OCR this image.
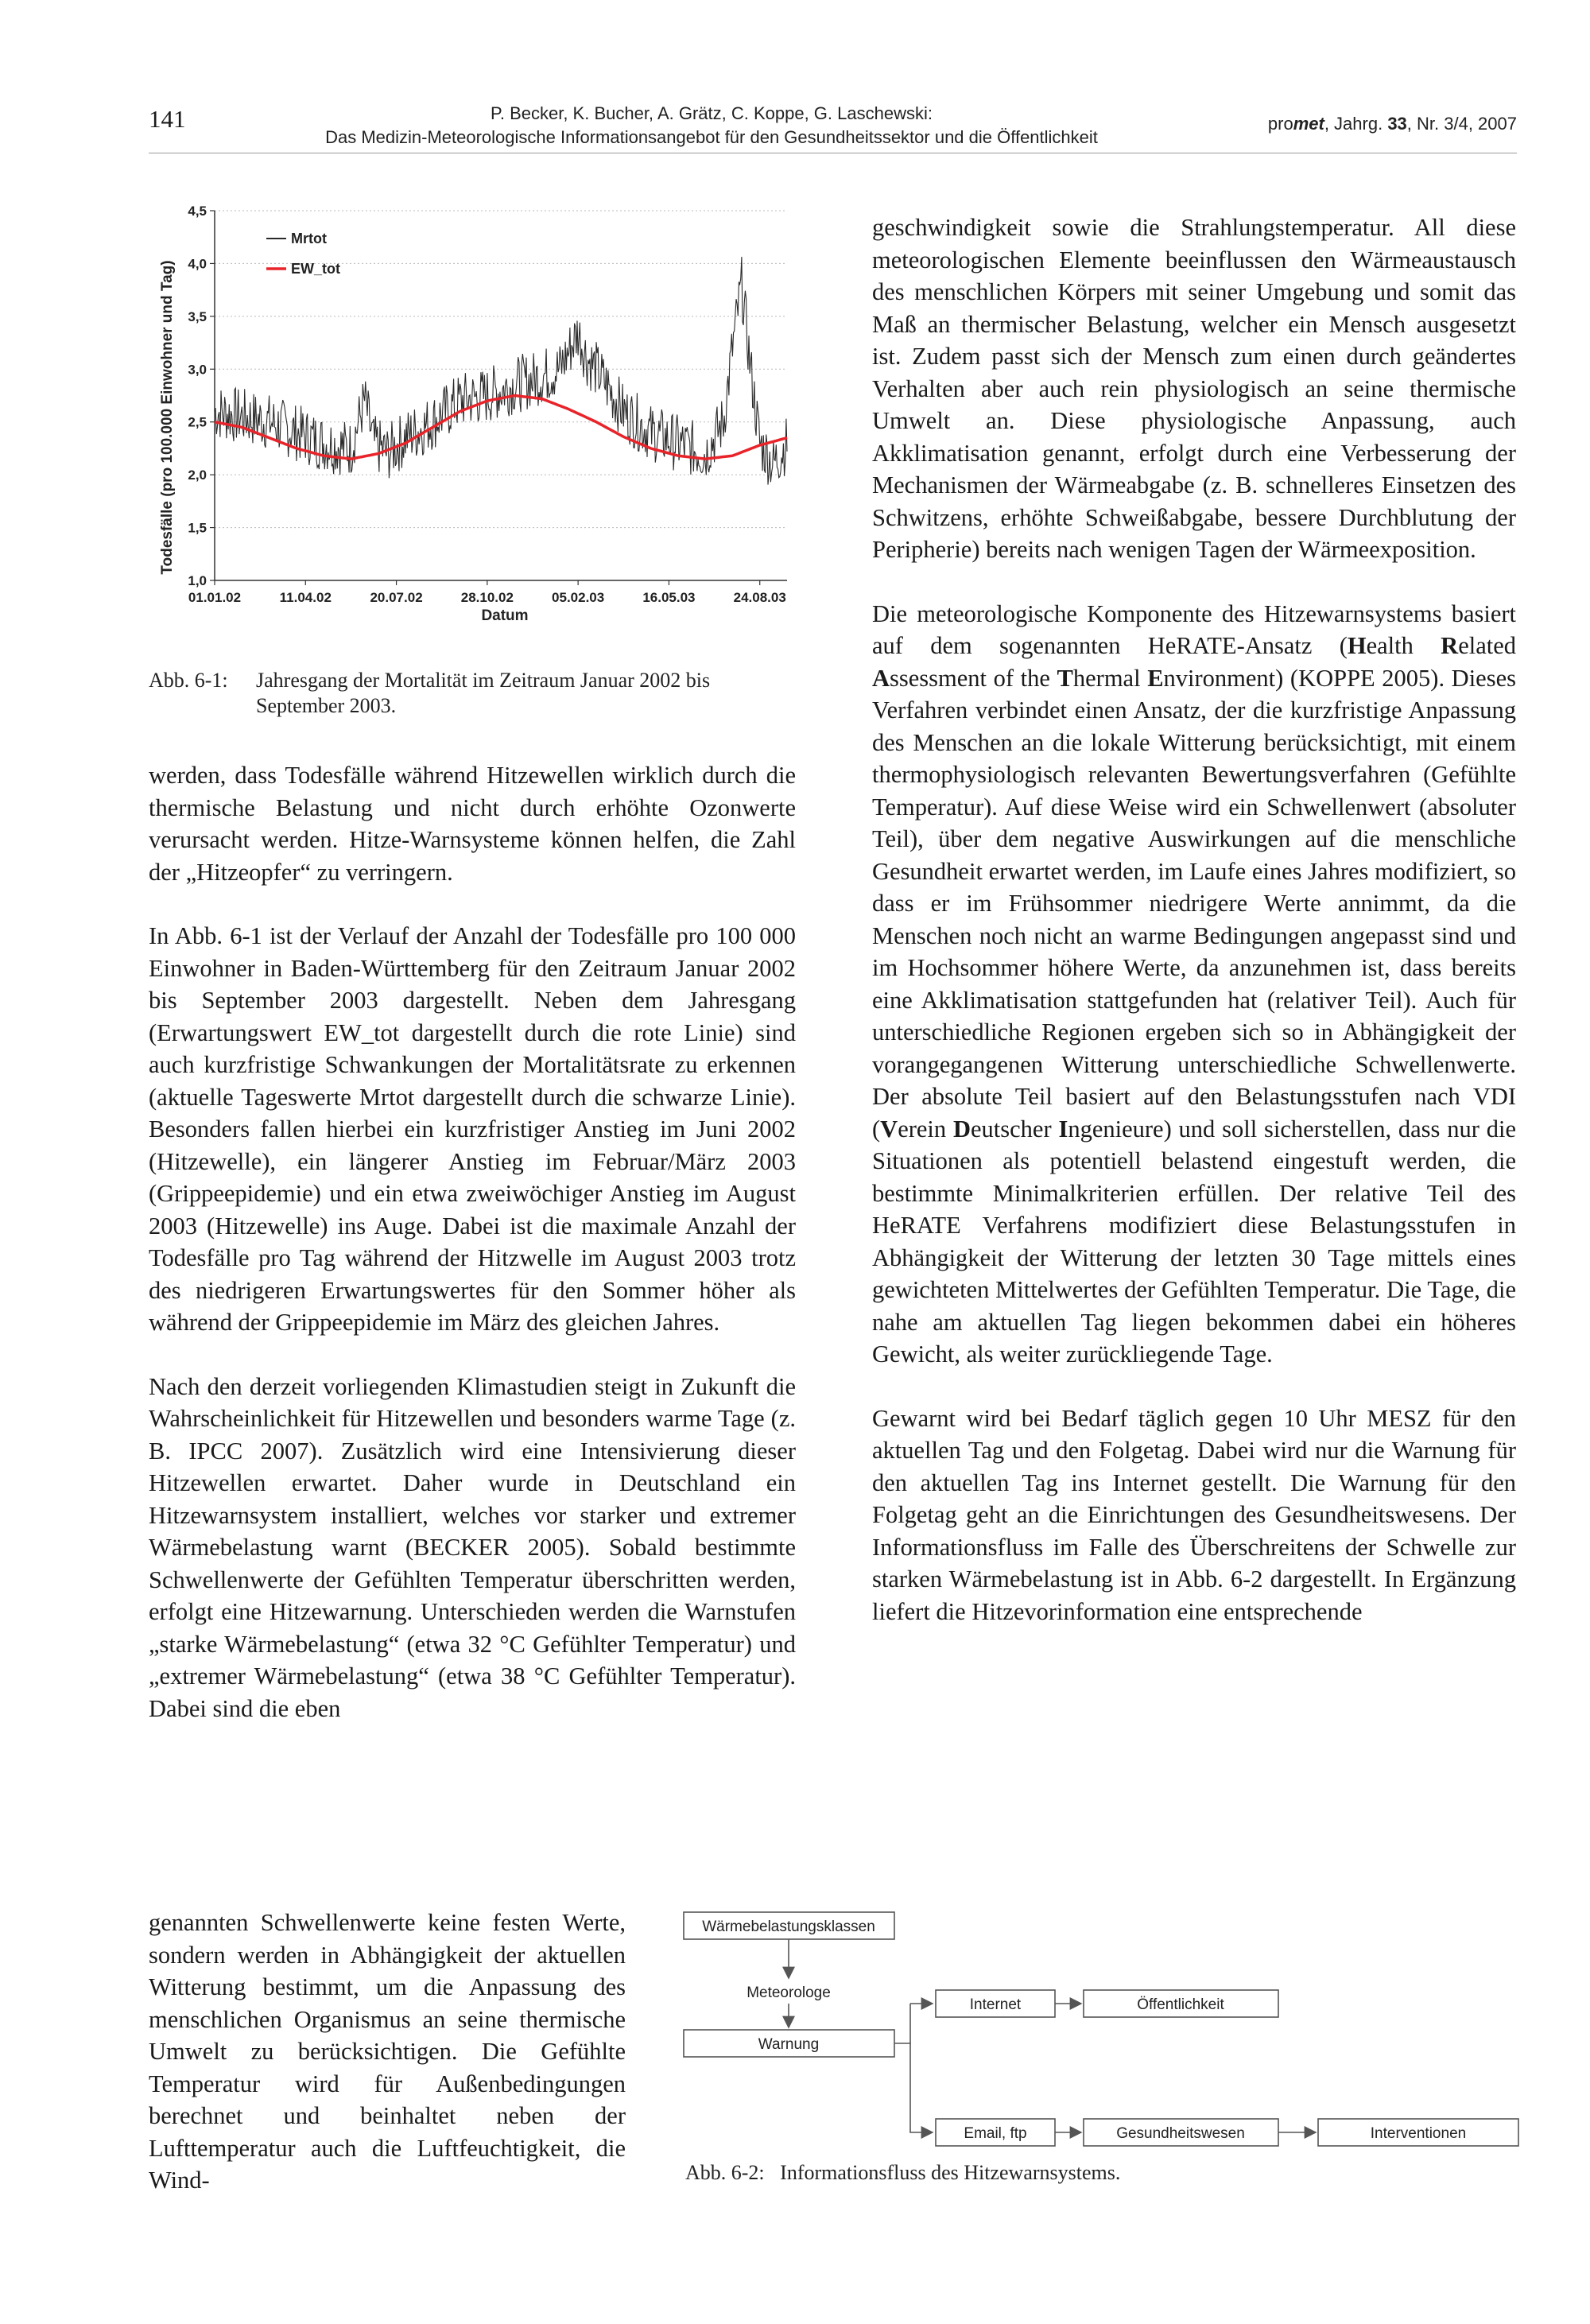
141	P. Becker, K. Bucher, A. Grätz, C. Koppe, G. Laschewski:
Das Medizin-Meteorologische Informationsangebot für den Gesundheitssektor und die Öffentlichkeit
promet, Jahrg. 33, Nr. 3/4, 2007
1,0
1,5
2,0
2,5
3,0
3,5
4,0
4,5
01.01.02	11.04.02	20.07.02	28.10.02	05.02.03	16.05.03	24.08.03
Mrtot
EW_tot
Datum
Todesfälle (pro 100.000 Einwohner und Tag)
Abb. 6-1: Jahresgang der Mortalität im Zeitraum Januar 2002 bis September 2003.

werden, dass Todesfälle während Hitzewellen wirklich durch die thermische Belastung und nicht durch erhöhte Ozonwerte verursacht werden. Hitze-Warnsysteme können helfen, die Zahl der „Hitzeopfer“ zu verringern.

In Abb. 6-1 ist der Verlauf der Anzahl der Todesfälle pro 100 000 Einwohner in Baden-Württemberg für den Zeitraum Januar 2002 bis September 2003 dargestellt. Neben dem Jahresgang (Erwartungswert EW_tot dargestellt durch die rote Linie) sind auch kurzfristige Schwankungen der Mortalitätsrate zu erkennen (aktuelle Tageswerte Mrtot dargestellt durch die schwarze Linie). Besonders fallen hierbei ein kurzfristiger Anstieg im Juni 2002 (Hitzewelle), ein längerer Anstieg im Februar/März 2003 (Grippeepidemie) und ein etwa zweiwöchiger Anstieg im August 2003 (Hitzewelle) ins Auge. Dabei ist die maximale Anzahl der Todesfälle pro Tag während der Hitzwelle im August 2003 trotz des niedrigeren Erwartungswertes für den Sommer höher als während der Grippeepidemie im März des gleichen Jahres.

Nach den derzeit vorliegenden Klimastudien steigt in Zukunft die Wahrscheinlichkeit für Hitzewellen und besonders warme Tage (z. B. IPCC 2007). Zusätzlich wird eine Intensivierung dieser Hitzewellen erwartet. Daher wurde in Deutschland ein Hitzewarnsystem installiert, welches vor starker und extremer Wärmebelastung warnt (BECKER 2005). Sobald bestimmte Schwellenwerte der Gefühlten Temperatur überschritten werden, erfolgt eine Hitzewarnung. Unterschieden werden die Warnstufen „starke Wärmebelastung“ (etwa 32 °C Gefühlter Temperatur) und „extremer Wärmebelastung“ (etwa 38 °C Gefühlter Temperatur). Dabei sind die eben

genannten Schwellenwerte keine festen Werte, sondern werden in Abhängigkeit der aktuellen Witterung bestimmt, um die Anpassung des menschlichen Organismus an seine thermische Umwelt zu berücksichtigen. Die Gefühlte Temperatur wird für Außenbedingungen berechnet und beinhaltet neben der Lufttemperatur auch die Luftfeuchtigkeit, die Wind-

geschwindigkeit sowie die Strahlungstemperatur. All diese meteorologischen Elemente beeinflussen den Wärmeaustausch des menschlichen Körpers mit seiner Umgebung und somit das Maß an thermischer Belastung, welcher ein Mensch ausgesetzt ist. Zudem passt sich der Mensch zum einen durch geändertes Verhalten aber auch rein physiologisch an seine thermische Umwelt an. Diese physiologische Anpassung, auch Akklimatisation genannt, erfolgt durch eine Verbesserung der Mechanismen der Wärmeabgabe (z. B. schnelleres Einsetzen des Schwitzens, erhöhte Schweißabgabe, bessere Durchblutung der Peripherie) bereits nach wenigen Tagen der Wärmeexposition.

Die meteorologische Komponente des Hitzewarnsystems basiert auf dem sogenannten HeRATE-Ansatz (Health Related Assessment of the Thermal Environment) (KOPPE 2005). Dieses Verfahren verbindet einen Ansatz, der die kurzfristige Anpassung des Menschen an die lokale Witterung berücksichtigt, mit einem thermophysiologisch relevanten Bewertungsverfahren (Gefühlte Temperatur). Auf diese Weise wird ein Schwellenwert (absoluter Teil), über dem negative Auswirkungen auf die menschliche Gesundheit erwartet werden, im Laufe eines Jahres modifiziert, so dass er im Frühsommer niedrigere Werte annimmt, da die Menschen noch nicht an warme Bedingungen angepasst sind und im Hochsommer höhere Werte, da anzunehmen ist, dass bereits eine Akklimatisation stattgefunden hat (relativer Teil). Auch für unterschiedliche Regionen ergeben sich so in Abhängigkeit der vorangegangenen Witterung unterschiedliche Schwellenwerte. Der absolute Teil basiert auf den Belastungsstufen nach VDI (Verein Deutscher Ingenieure) und soll sicherstellen, dass nur die Situationen als potentiell belastend eingestuft werden, die bestimmte Minimalkriterien erfüllen. Der relative Teil des HeRATE Verfahrens modifiziert diese Belastungsstufen in Abhängigkeit der Witterung der letzten 30 Tage mittels eines gewichteten Mittelwertes der Gefühlten Temperatur. Die Tage, die nahe am aktuellen Tag liegen bekommen dabei ein höheres Gewicht, als weiter zurückliegende Tage.

Gewarnt wird bei Bedarf täglich gegen 10 Uhr MESZ für den aktuellen Tag und den Folgetag. Dabei wird nur die Warnung für den aktuellen Tag ins Internet gestellt. Die Warnung für den Folgetag geht an die Einrichtungen des Gesundheitswesens. Der Informationsfluss im Falle des Überschreitens der Schwelle zur starken Wärmebelastung ist in Abb. 6-2 dargestellt. In Ergänzung liefert die Hitzevorinformation eine entsprechende

Wärmebelastungsklassen
Meteorologe
Warnung
Internet	Öffentlichkeit
Email, ftp	Gesundheitswesen	Interventionen
Abb. 6-2:   Informationsfluss des Hitzewarnsystems.
